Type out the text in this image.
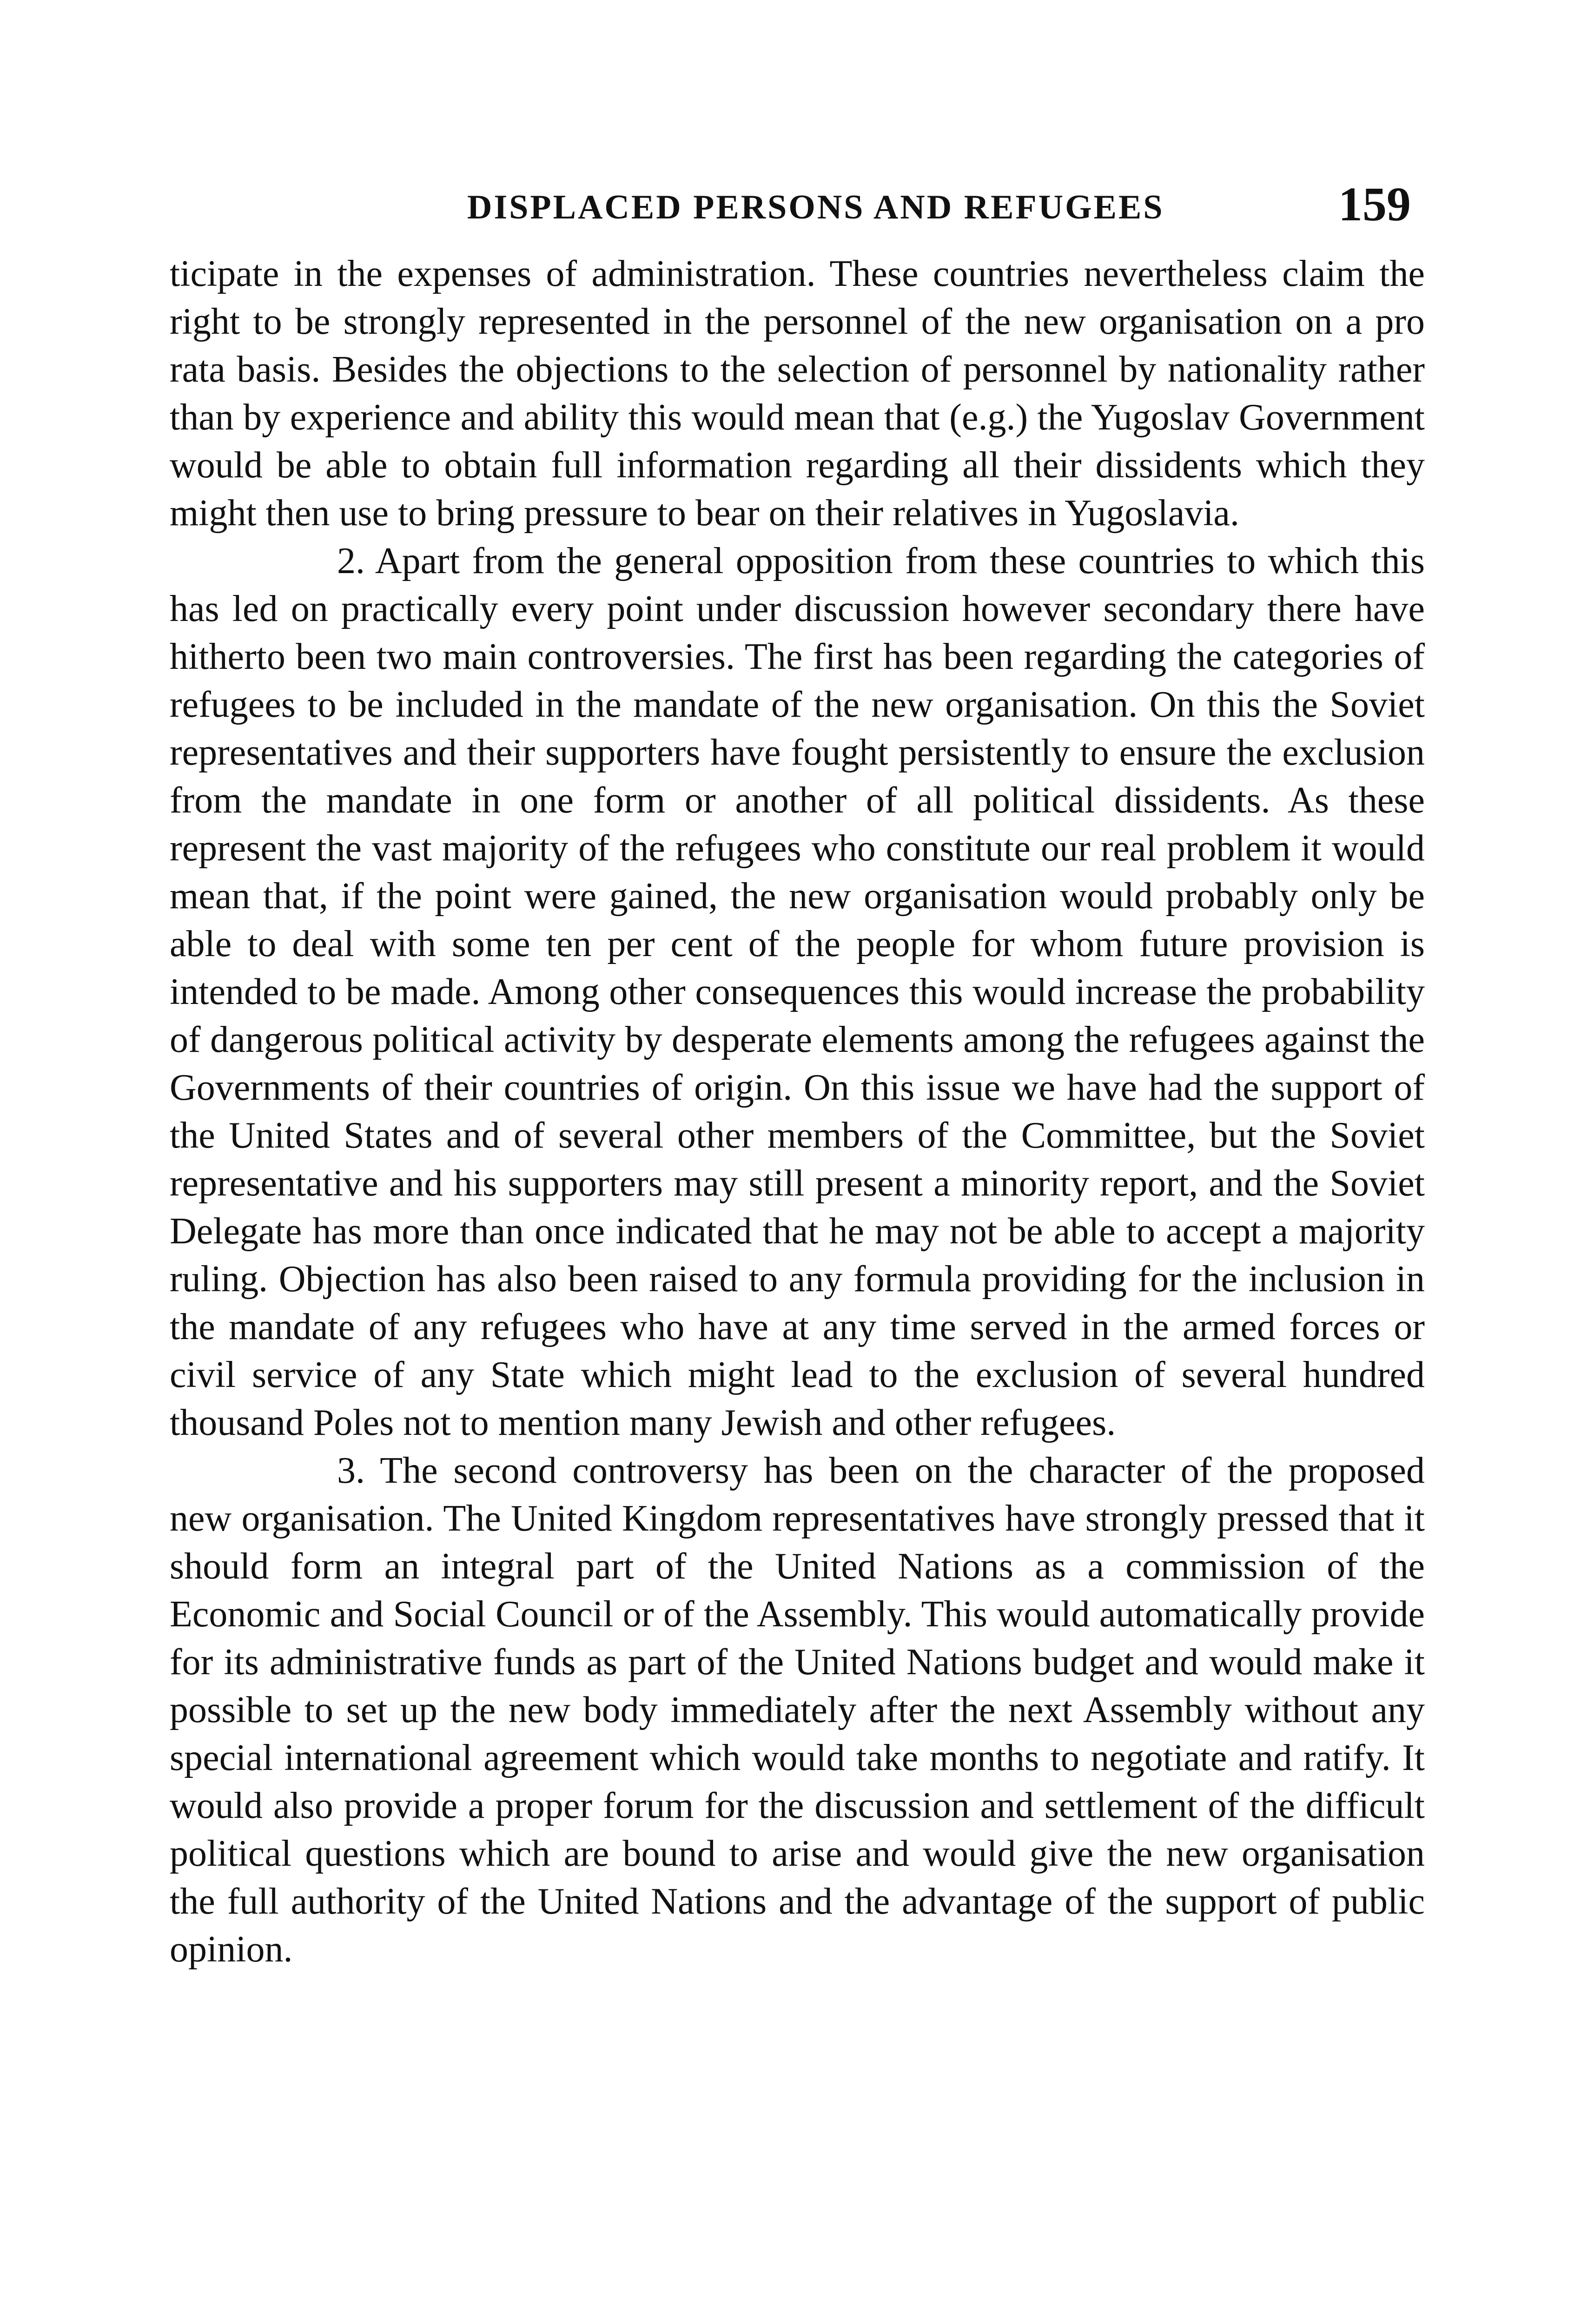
DISPLACED PERSONS AND REFUGEES	159

ticipate in the expenses of administration. These countries nevertheless claim the right to be strongly represented in the personnel of the new organisation on a pro rata basis. Besides the objections to the selection of personnel by nationality rather than by experience and ability this would mean that (e.g.) the Yugoslav Government would be able to obtain full information regarding all their dissidents which they might then use to bring pressure to bear on their relatives in Yugoslavia.

2. Apart from the general opposition from these countries to which this has led on practically every point under discussion however secondary there have hitherto been two main controversies. The first has been regarding the categories of refugees to be included in the mandate of the new organisation. On this the Soviet representatives and their supporters have fought persistently to ensure the exclusion from the mandate in one form or another of all political dissidents. As these represent the vast majority of the refugees who constitute our real problem it would mean that, if the point were gained, the new organisation would probably only be able to deal with some ten per cent of the people for whom future provision is intended to be made. Among other consequences this would increase the probability of dangerous political activity by desperate elements among the refugees against the Governments of their countries of origin. On this issue we have had the support of the United States and of several other members of the Committee, but the Soviet representative and his supporters may still present a minority report, and the Soviet Delegate has more than once indicated that he may not be able to accept a majority ruling. Objection has also been raised to any formula providing for the inclusion in the mandate of any refugees who have at any time served in the armed forces or civil service of any State which might lead to the exclusion of several hundred thousand Poles not to mention many Jewish and other refugees.

3. The second controversy has been on the character of the proposed new organisation. The United Kingdom representatives have strongly pressed that it should form an integral part of the United Nations as a commission of the Economic and Social Council or of the Assembly. This would automatically provide for its administrative funds as part of the United Nations budget and would make it possible to set up the new body immediately after the next Assembly without any special international agreement which would take months to negotiate and ratify. It would also provide a proper forum for the discussion and settlement of the difficult political questions which are bound to arise and would give the new organisation the full authority of the United Nations and the advantage of the support of public opinion.
